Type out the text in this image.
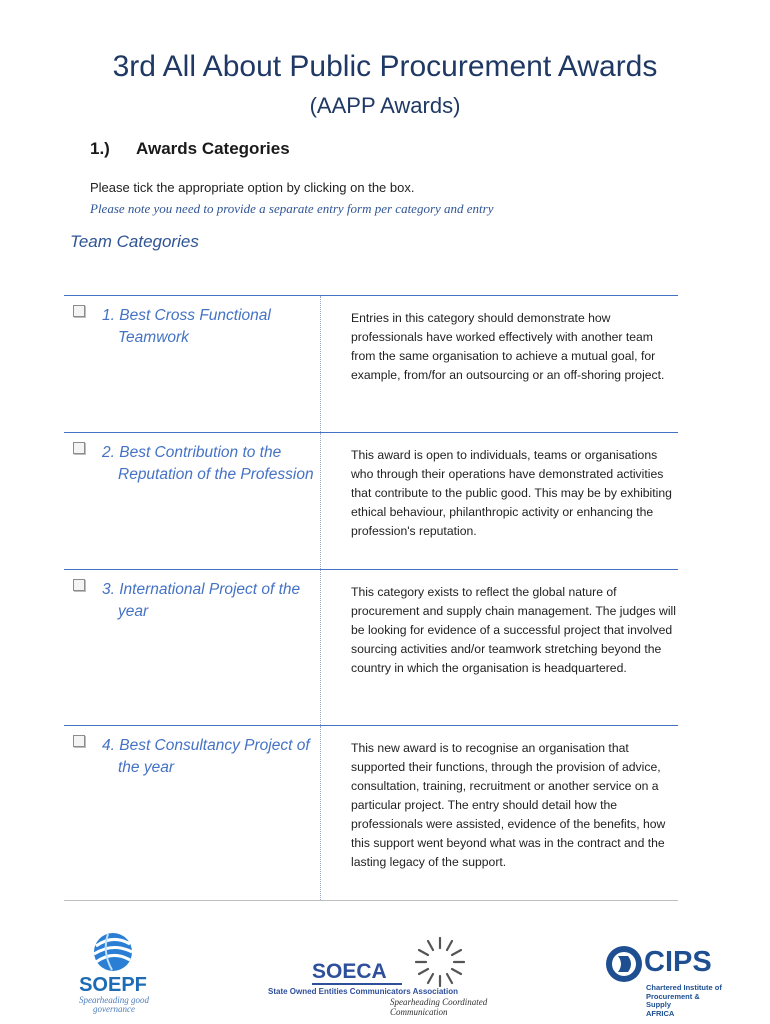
3rd All About Public Procurement Awards
(AAPP Awards)
1.) Awards Categories
Please tick the appropriate option by clicking on the box.
Please note you need to provide a separate entry form per category and entry
Team Categories
1. Best Cross Functional Teamwork
Entries in this category should demonstrate how professionals have worked effectively with another team from the same organisation to achieve a mutual goal, for example, from/for an outsourcing or an off-shoring project.
2. Best Contribution to the Reputation of the Profession
This award is open to individuals, teams or organisations who through their operations have demonstrated activities that contribute to the public good. This may be by exhibiting ethical behaviour, philanthropic activity or enhancing the profession's reputation.
3. International Project of the year
This category exists to reflect the global nature of procurement and supply chain management. The judges will be looking for evidence of a successful project that involved sourcing activities and/or teamwork stretching beyond the country in which the organisation is headquartered.
4. Best Consultancy Project of the year
This new award is to recognise an organisation that supported their functions, through the provision of advice, consultation, training, recruitment or another service on a particular project. The entry should detail how the professionals were assisted, evidence of the benefits, how this support went beyond what was in the contract and the lasting legacy of the support.
SOEPF
Spearheading good governance
SOECA
State Owned Entities Communicators Association
Spearheading Coordinated Communication
CIPS
Chartered Institute of
Procurement & Supply
AFRICA
